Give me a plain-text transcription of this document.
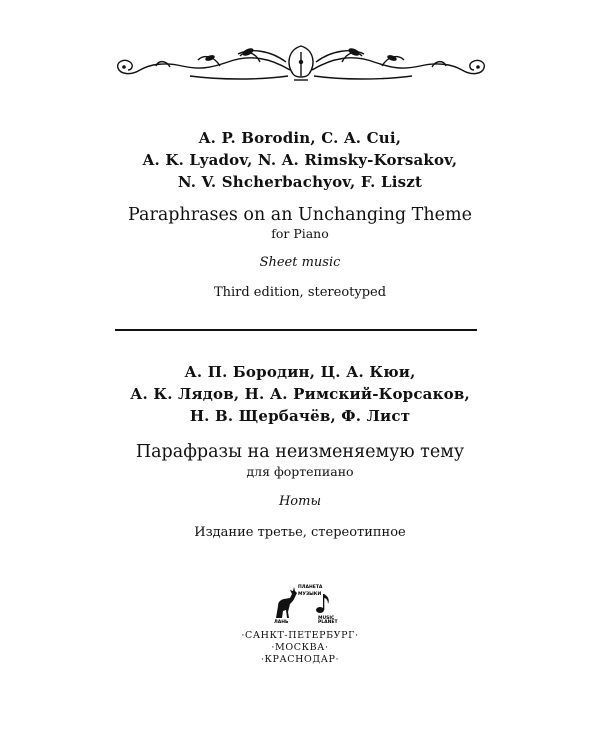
A. P. Borodin, C. A. Cui,
A. K. Lyadov, N. A. Rimsky-Korsakov,
N. V. Shcherbachyov, F. Liszt
Paraphrases on an Unchanging Theme
for Piano
Sheet music
Third edition, stereotyped
А. П. Бородин, Ц. А. Кюи,
А. К. Лядов, Н. А. Римский-Корсаков,
Н. В. Щербачёв, Ф. Лист
Парафразы на неизменяемую тему
для фортепиано
Ноты
Издание третье, стереотипное
ПЛАНЕТА
МУЗЫКИ
ЛАНЬ
MUSIC
PLANET
·САНКТ-ПЕТЕРБУРГ·
·МОСКВА·
·КРАСНОДАР·
